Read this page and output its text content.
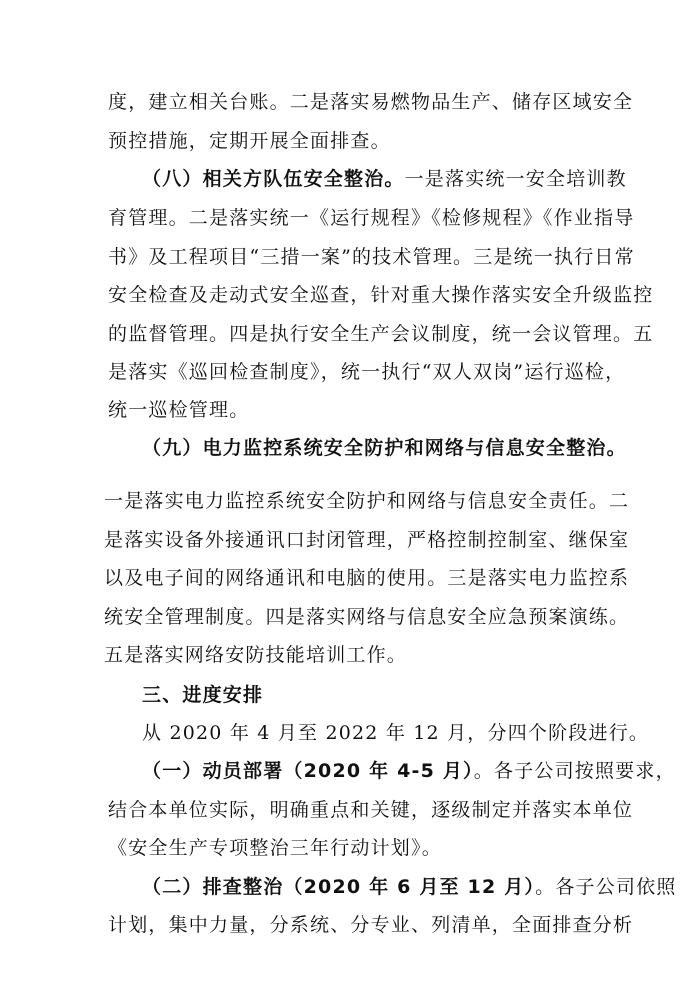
度，建立相关台账。二是落实易燃物品生产、储存区域安全
预控措施，定期开展全面排查。
（八）相关方队伍安全整治。一是落实统一安全培训教
育管理。二是落实统一《运行规程》《检修规程》《作业指导
书》及工程项目“三措一案”的技术管理。三是统一执行日常
安全检查及走动式安全巡查，针对重大操作落实安全升级监控
的监督管理。四是执行安全生产会议制度，统一会议管理。五
是落实《巡回检查制度》，统一执行“双人双岗”运行巡检，
统一巡检管理。
（九）电力监控系统安全防护和网络与信息安全整治。
一是落实电力监控系统安全防护和网络与信息安全责任。二
是落实设备外接通讯口封闭管理，严格控制控制室、继保室
以及电子间的网络通讯和电脑的使用。三是落实电力监控系
统安全管理制度。四是落实网络与信息安全应急预案演练。
五是落实网络安防技能培训工作。
三、进度安排
从 2020 年 4 月至 2022 年 12 月，分四个阶段进行。
（一）动员部署（2020 年 4-5 月）。各子公司按照要求，
结合本单位实际，明确重点和关键，逐级制定并落实本单位
《安全生产专项整治三年行动计划》。
（二）排查整治（2020 年 6 月至 12 月）。各子公司依照
计划，集中力量，分系统、分专业、列清单，全面排查分析
